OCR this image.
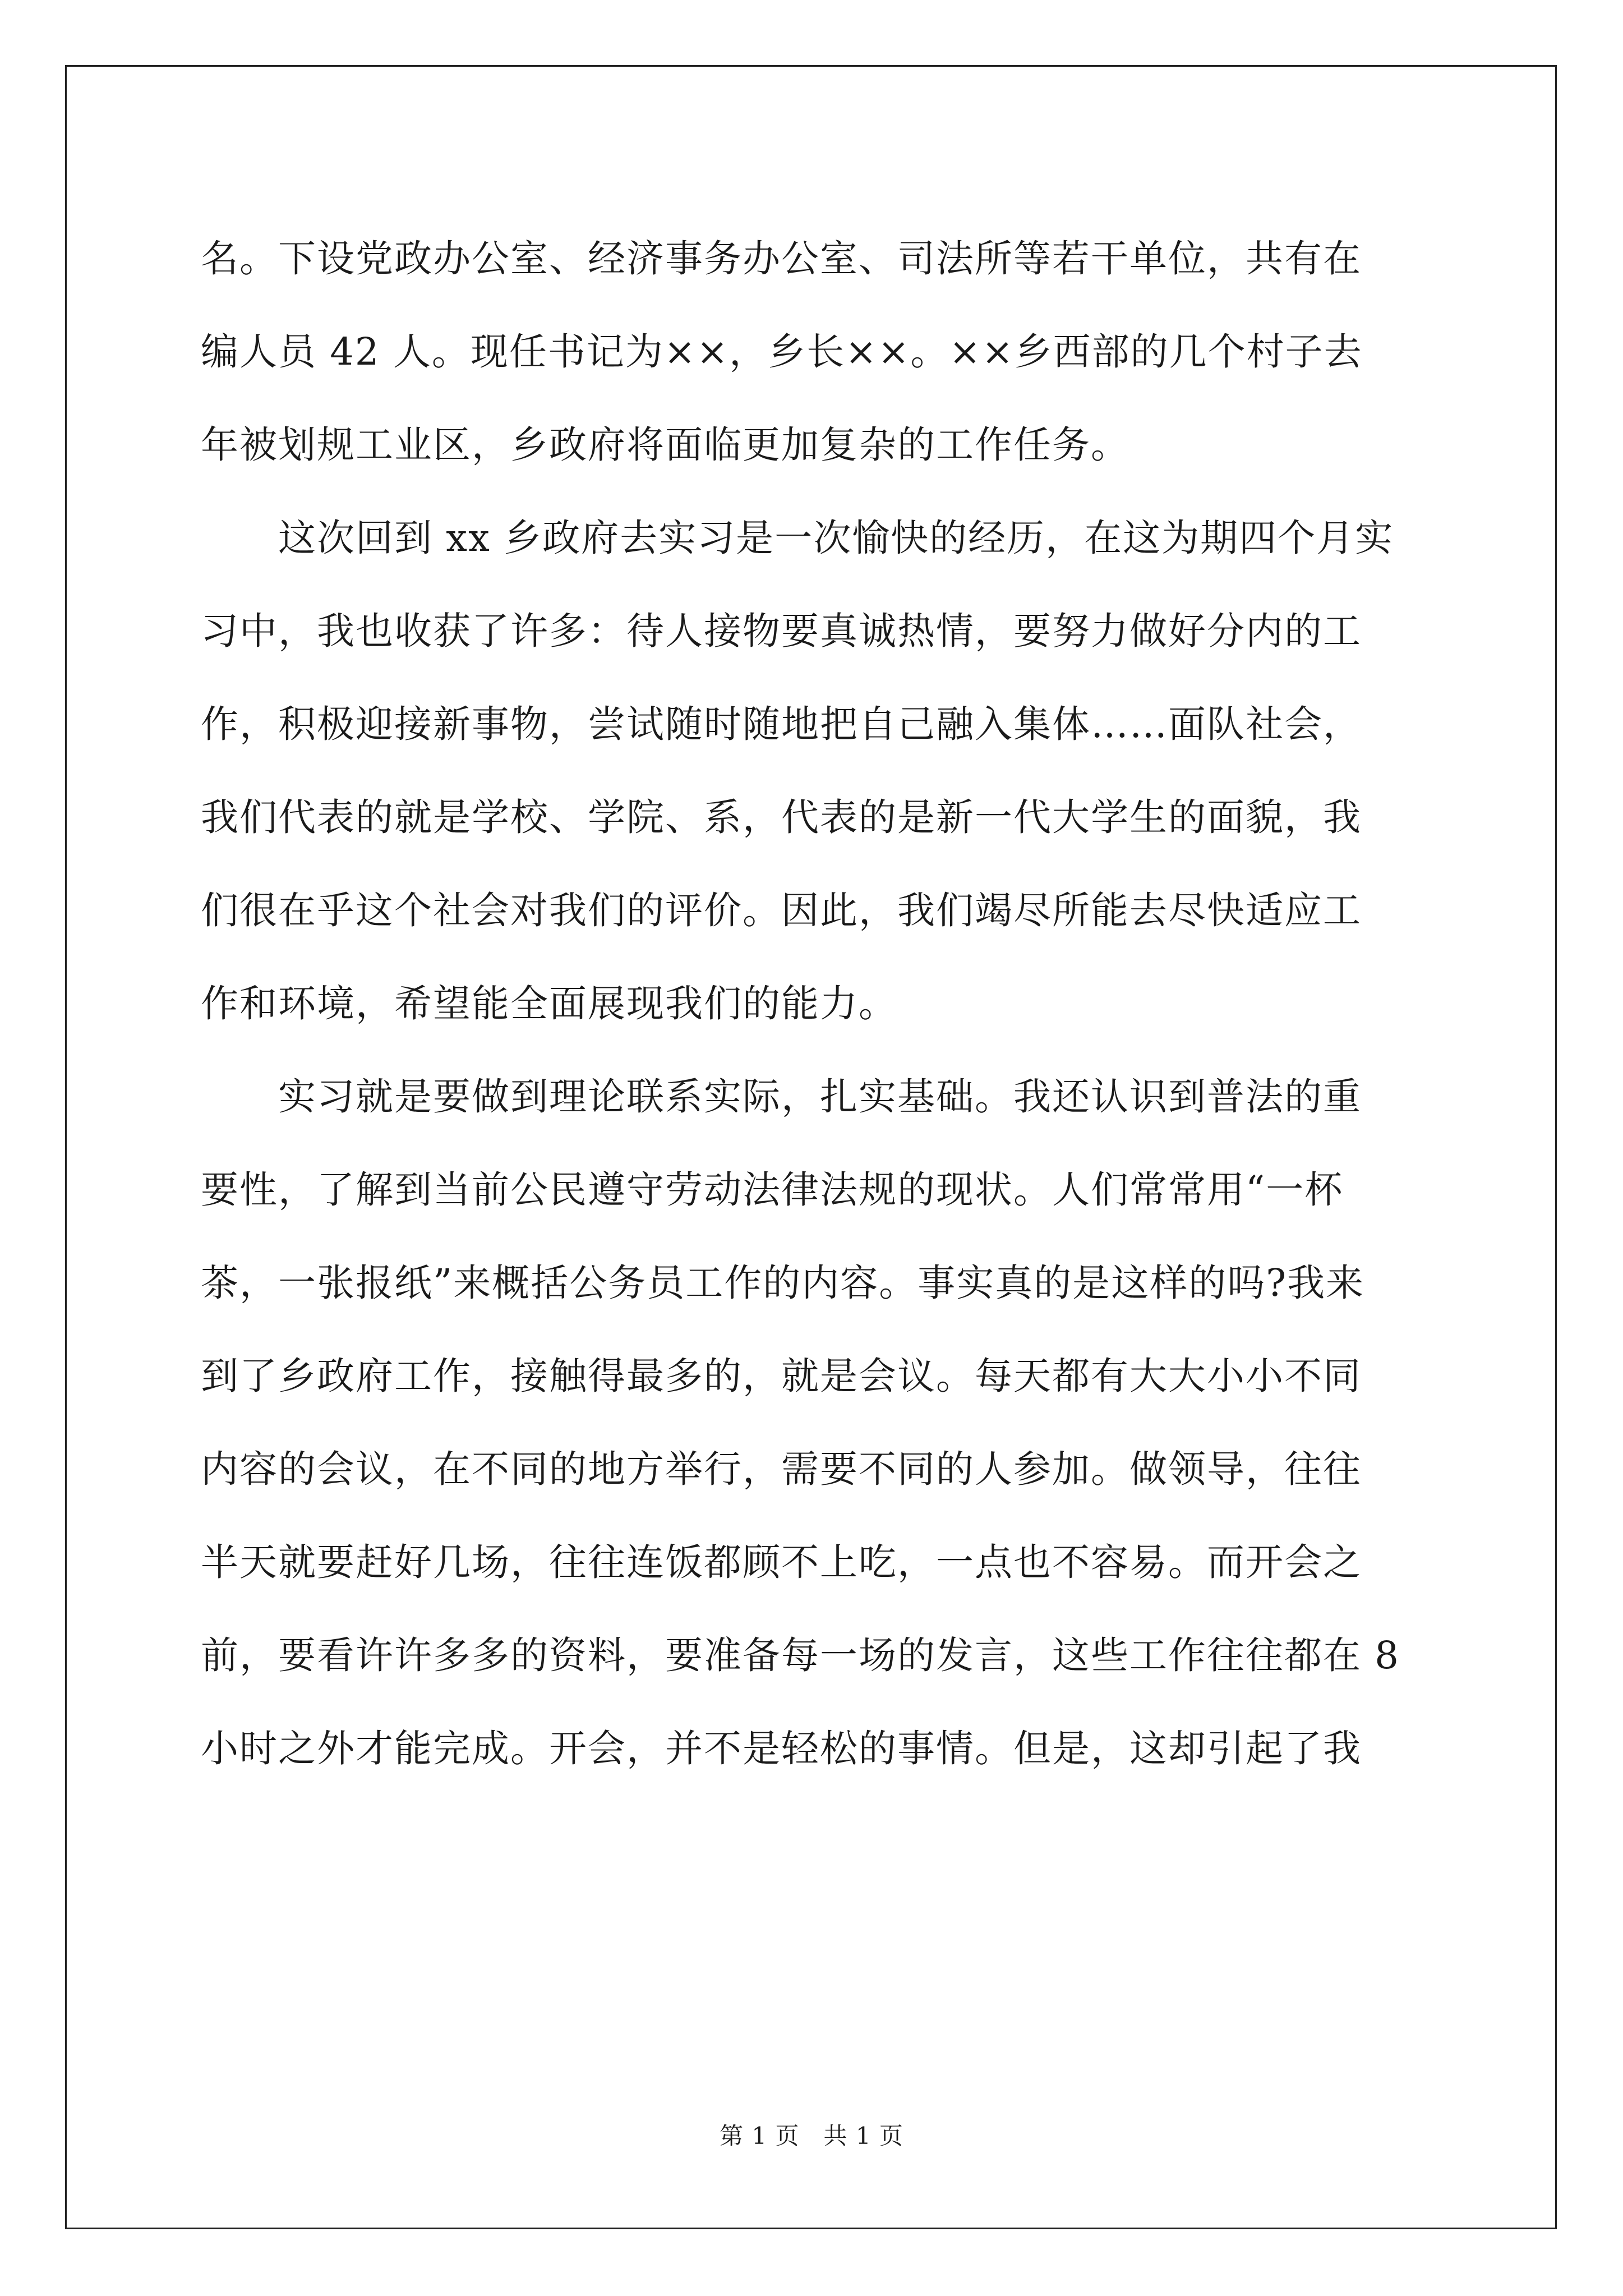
名。下设党政办公室、经济事务办公室、司法所等若干单位，共有在
编人员 42 人。现任书记为××，乡长××。××乡西部的几个村子去
年被划规工业区，乡政府将面临更加复杂的工作任务。

　　这次回到 xx 乡政府去实习是一次愉快的经历，在这为期四个月实
习中，我也收获了许多：待人接物要真诚热情，要努力做好分内的工
作，积极迎接新事物，尝试随时随地把自己融入集体……面队社会，
我们代表的就是学校、学院、系，代表的是新一代大学生的面貌，我
们很在乎这个社会对我们的评价。因此，我们竭尽所能去尽快适应工
作和环境，希望能全面展现我们的能力。

　　实习就是要做到理论联系实际，扎实基础。我还认识到普法的重
要性，了解到当前公民遵守劳动法律法规的现状。人们常常用“一杯
茶，一张报纸”来概括公务员工作的内容。事实真的是这样的吗?我来
到了乡政府工作，接触得最多的，就是会议。每天都有大大小小不同
内容的会议，在不同的地方举行，需要不同的人参加。做领导，往往
半天就要赶好几场，往往连饭都顾不上吃，一点也不容易。而开会之
前，要看许许多多的资料，要准备每一场的发言，这些工作往往都在 8
小时之外才能完成。开会，并不是轻松的事情。但是，这却引起了我

第 1 页　共 1 页
